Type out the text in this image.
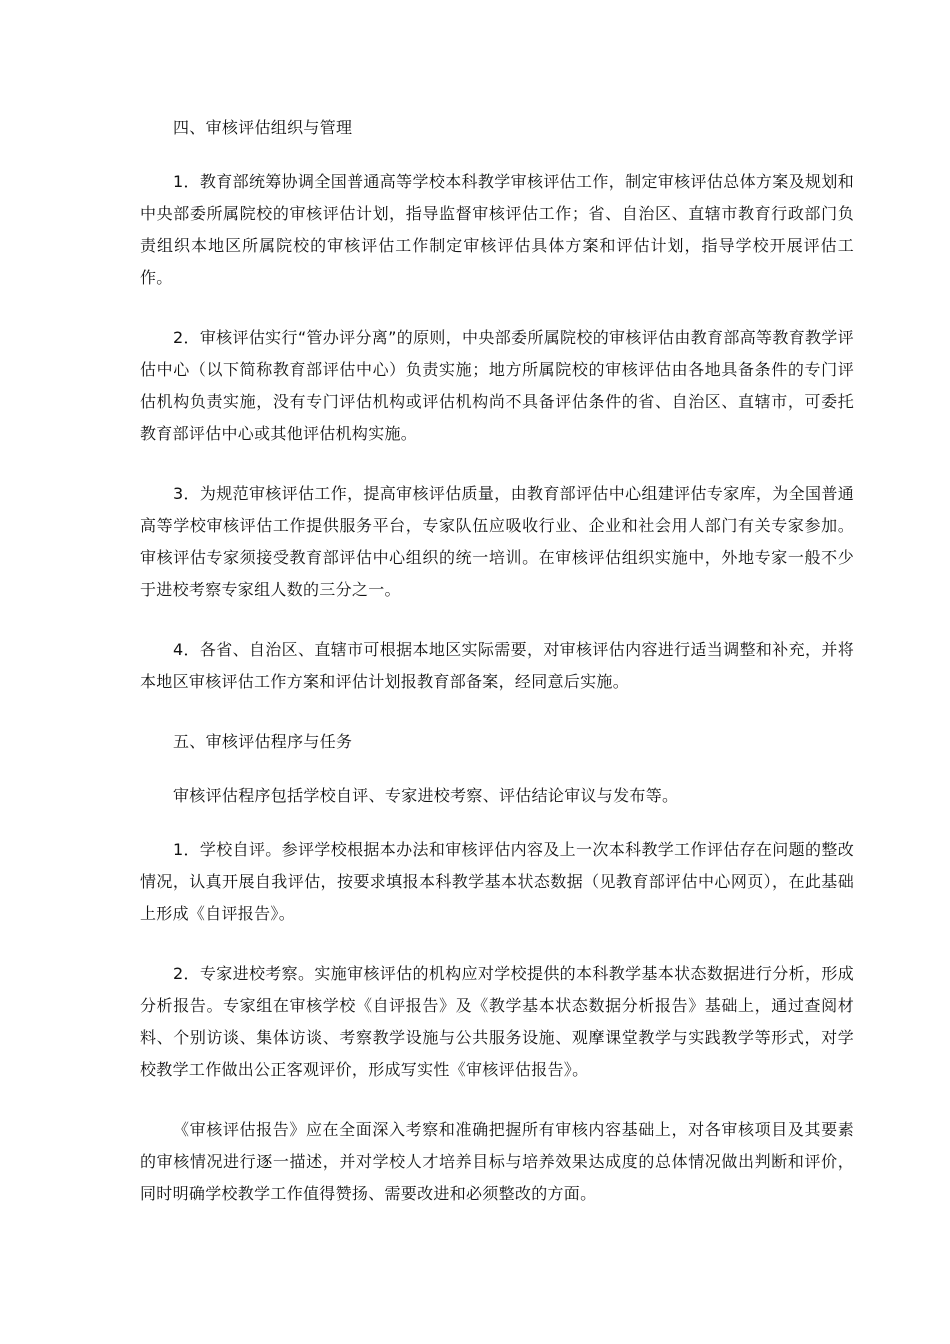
四、审核评估组织与管理

1．教育部统筹协调全国普通高等学校本科教学审核评估工作，制定审核评估总体方案及规划和中央部委所属院校的审核评估计划，指导监督审核评估工作；省、自治区、直辖市教育行政部门负责组织本地区所属院校的审核评估工作制定审核评估具体方案和评估计划，指导学校开展评估工作。

2．审核评估实行“管办评分离”的原则，中央部委所属院校的审核评估由教育部高等教育教学评估中心（以下简称教育部评估中心）负责实施；地方所属院校的审核评估由各地具备条件的专门评估机构负责实施，没有专门评估机构或评估机构尚不具备评估条件的省、自治区、直辖市，可委托教育部评估中心或其他评估机构实施。

3．为规范审核评估工作，提高审核评估质量，由教育部评估中心组建评估专家库，为全国普通高等学校审核评估工作提供服务平台，专家队伍应吸收行业、企业和社会用人部门有关专家参加。审核评估专家须接受教育部评估中心组织的统一培训。在审核评估组织实施中，外地专家一般不少于进校考察专家组人数的三分之一。

4．各省、自治区、直辖市可根据本地区实际需要，对审核评估内容进行适当调整和补充，并将本地区审核评估工作方案和评估计划报教育部备案，经同意后实施。

五、审核评估程序与任务

审核评估程序包括学校自评、专家进校考察、评估结论审议与发布等。

1．学校自评。参评学校根据本办法和审核评估内容及上一次本科教学工作评估存在问题的整改情况，认真开展自我评估，按要求填报本科教学基本状态数据（见教育部评估中心网页），在此基础上形成《自评报告》。

2．专家进校考察。实施审核评估的机构应对学校提供的本科教学基本状态数据进行分析，形成分析报告。专家组在审核学校《自评报告》及《教学基本状态数据分析报告》基础上，通过查阅材料、个别访谈、集体访谈、考察教学设施与公共服务设施、观摩课堂教学与实践教学等形式，对学校教学工作做出公正客观评价，形成写实性《审核评估报告》。

《审核评估报告》应在全面深入考察和准确把握所有审核内容基础上，对各审核项目及其要素的审核情况进行逐一描述，并对学校人才培养目标与培养效果达成度的总体情况做出判断和评价，同时明确学校教学工作值得赞扬、需要改进和必须整改的方面。
